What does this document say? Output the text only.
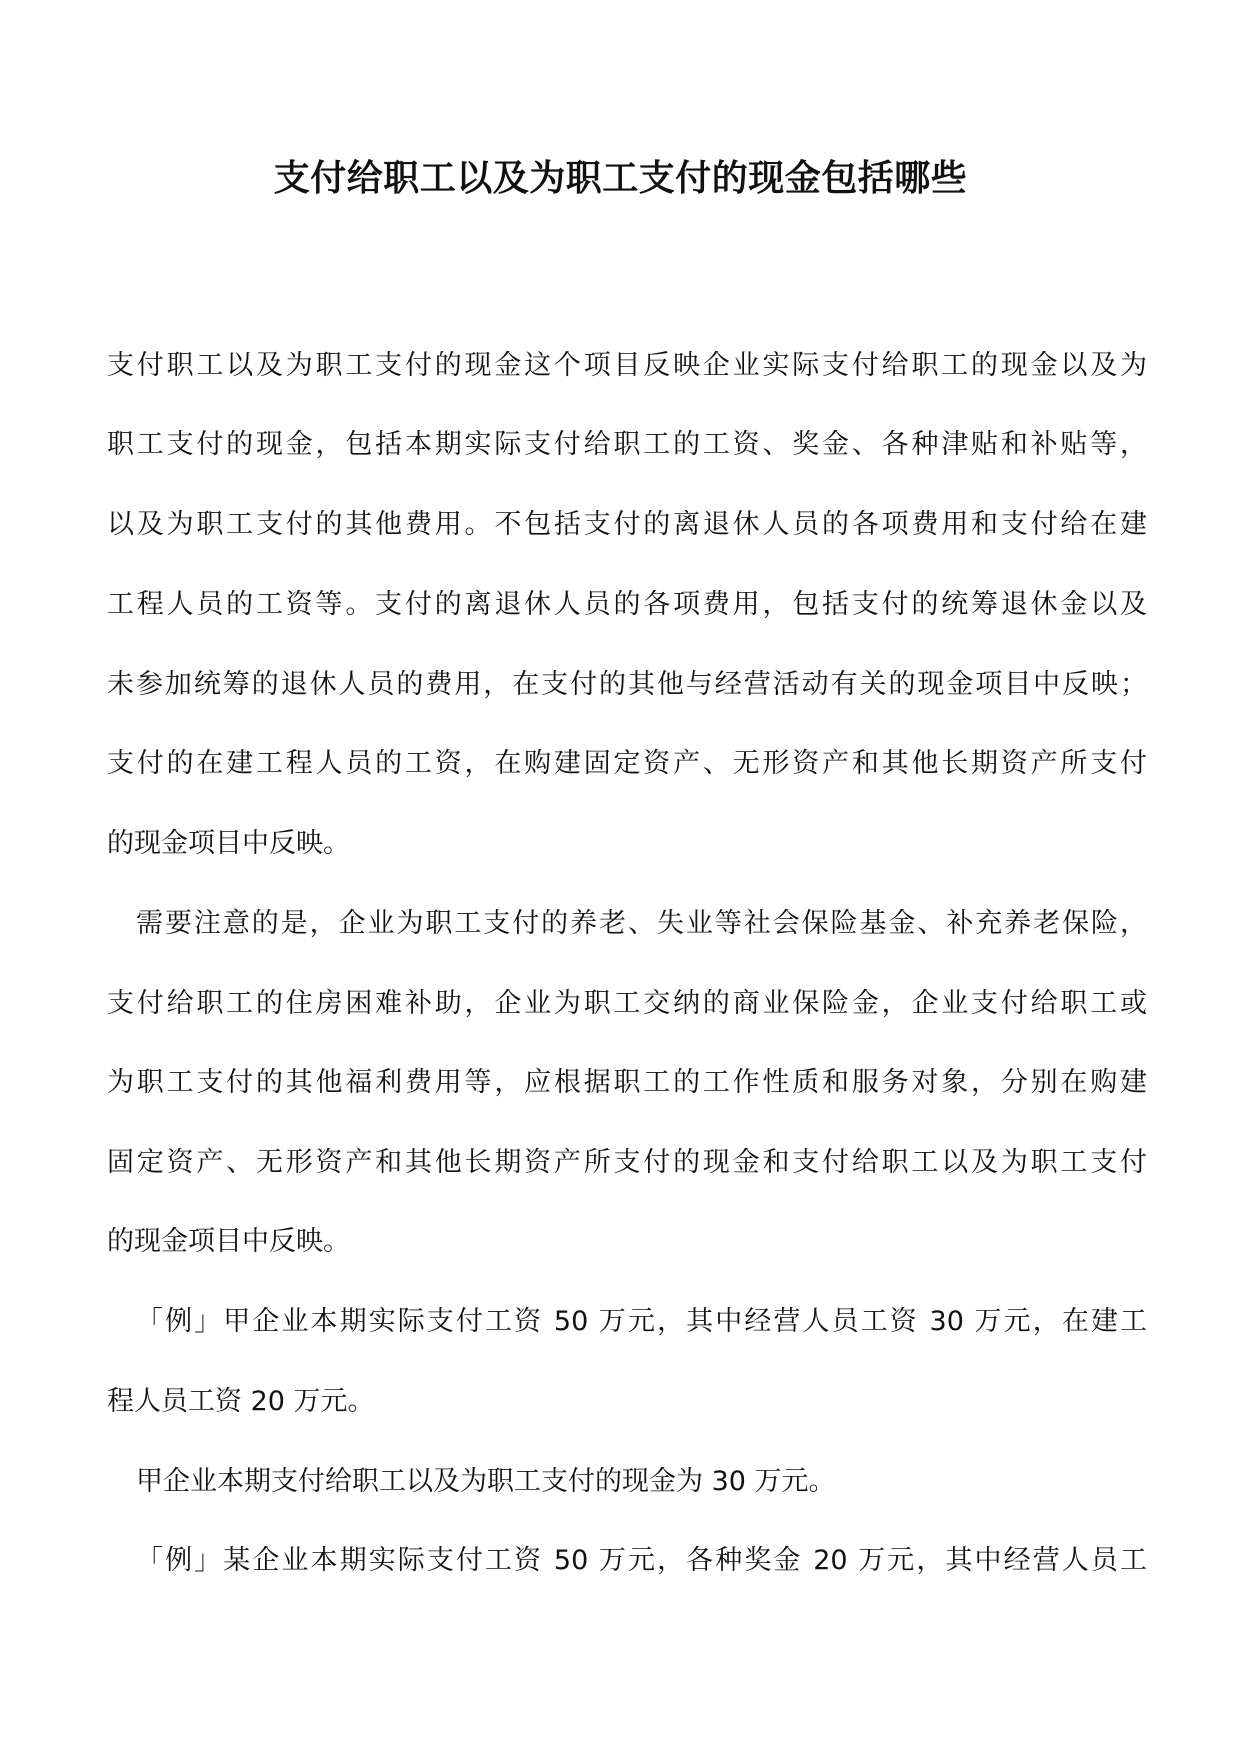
支付给职工以及为职工支付的现金包括哪些

支付职工以及为职工支付的现金这个项目反映企业实际支付给职工的现金以及为

职工支付的现金，包括本期实际支付给职工的工资、奖金、各种津贴和补贴等，

以及为职工支付的其他费用。不包括支付的离退休人员的各项费用和支付给在建

工程人员的工资等。支付的离退休人员的各项费用，包括支付的统筹退休金以及

未参加统筹的退休人员的费用，在支付的其他与经营活动有关的现金项目中反映；

支付的在建工程人员的工资，在购建固定资产、无形资产和其他长期资产所支付

的现金项目中反映。

需要注意的是，企业为职工支付的养老、失业等社会保险基金、补充养老保险，

支付给职工的住房困难补助，企业为职工交纳的商业保险金，企业支付给职工或

为职工支付的其他福利费用等，应根据职工的工作性质和服务对象，分别在购建

固定资产、无形资产和其他长期资产所支付的现金和支付给职工以及为职工支付

的现金项目中反映。

「例」甲企业本期实际支付工资 50 万元，其中经营人员工资 30 万元，在建工

程人员工资 20 万元。

甲企业本期支付给职工以及为职工支付的现金为 30 万元。

「例」某企业本期实际支付工资 50 万元，各种奖金 20 万元，其中经营人员工
